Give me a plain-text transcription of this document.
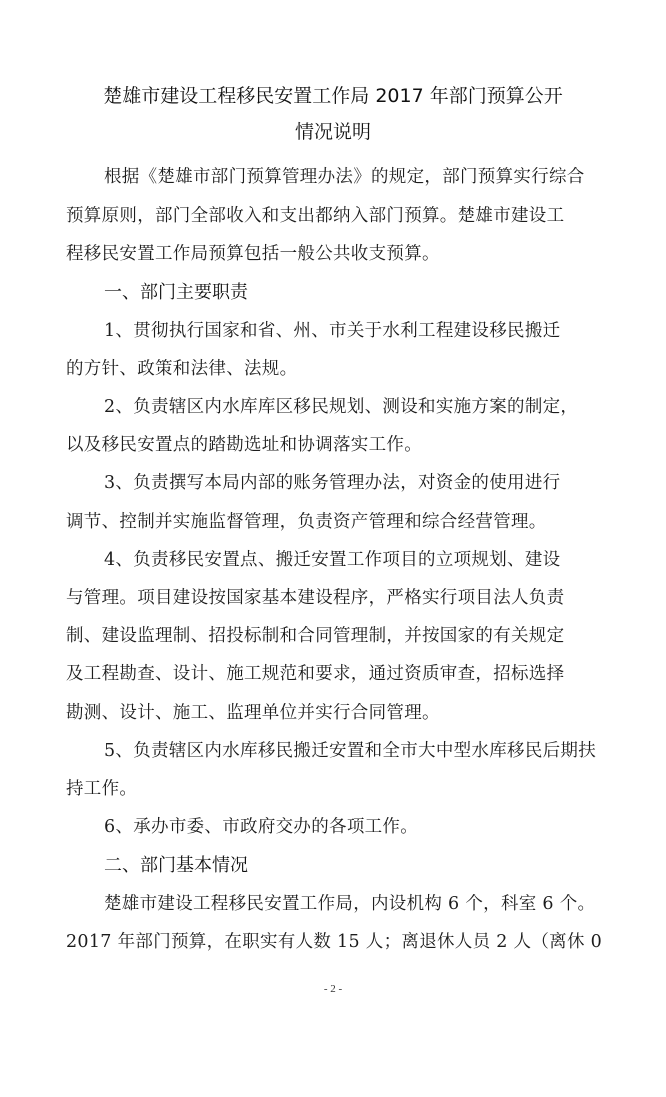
楚雄市建设工程移民安置工作局 2017 年部门预算公开
情况说明
根据《楚雄市部门预算管理办法》的规定，部门预算实行综合
预算原则，部门全部收入和支出都纳入部门预算。楚雄市建设工
程移民安置工作局预算包括一般公共收支预算。
一、部门主要职责
1、贯彻执行国家和省、州、市关于水利工程建设移民搬迁
的方针、政策和法律、法规。
2、负责辖区内水库库区移民规划、测设和实施方案的制定，
以及移民安置点的踏勘选址和协调落实工作。
3、负责撰写本局内部的账务管理办法，对资金的使用进行
调节、控制并实施监督管理，负责资产管理和综合经营管理。
4、负责移民安置点、搬迁安置工作项目的立项规划、建设
与管理。项目建设按国家基本建设程序，严格实行项目法人负责
制、建设监理制、招投标制和合同管理制，并按国家的有关规定
及工程勘查、设计、施工规范和要求，通过资质审查，招标选择
勘测、设计、施工、监理单位并实行合同管理。
5、负责辖区内水库移民搬迁安置和全市大中型水库移民后期扶
持工作。
6、承办市委、市政府交办的各项工作。
二、部门基本情况
楚雄市建设工程移民安置工作局，内设机构 6 个，科室 6 个。
2017 年部门预算，在职实有人数 15 人；离退休人员 2 人（离休 0
- 2 -
